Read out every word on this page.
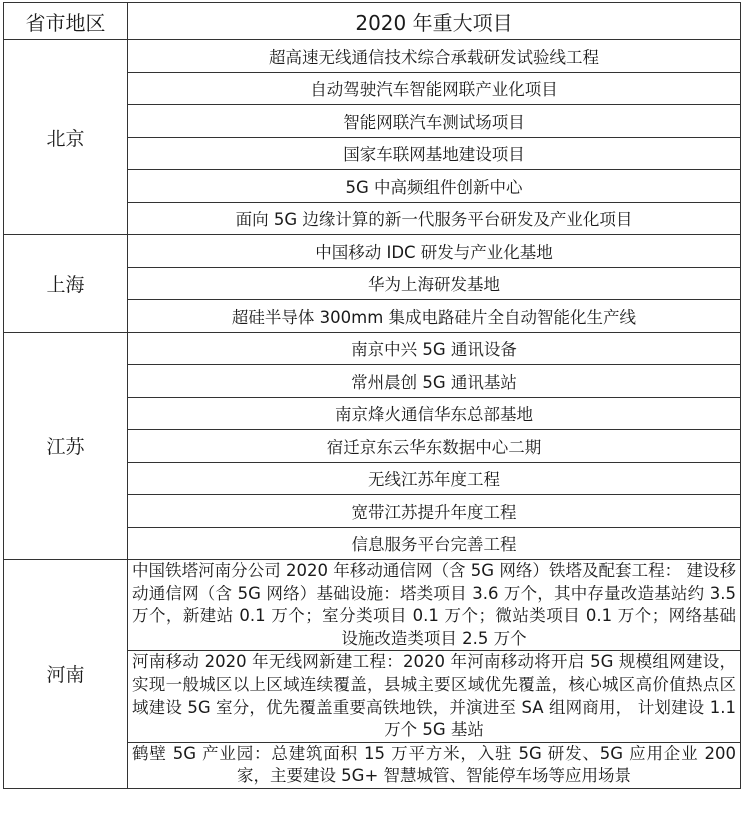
省市地区	2020 年重大项目
北京	超高速无线通信技术综合承载研发试验线工程
	自动驾驶汽车智能网联产业化项目
	智能网联汽车测试场项目
	国家车联网基地建设项目
	5G 中高频组件创新中心
	面向 5G 边缘计算的新一代服务平台研发及产业化项目
上海	中国移动 IDC 研发与产业化基地
	华为上海研发基地
	超硅半导体 300mm 集成电路硅片全自动智能化生产线
江苏	南京中兴 5G 通讯设备
	常州晨创 5G 通讯基站
	南京烽火通信华东总部基地
	宿迁京东云华东数据中心二期
	无线江苏年度工程
	宽带江苏提升年度工程
	信息服务平台完善工程
河南	中国铁塔河南分公司 2020 年移动通信网（含 5G 网络）铁塔及配套工程： 建设移动通信网（含 5G 网络）基础设施：塔类项目 3.6 万个，其中存量改造基站约 3.5 万个，新建站 0.1 万个；室分类项目 0.1 万个；微站类项目 0.1 万个；网络基础设施改造类项目 2.5 万个
	河南移动 2020 年无线网新建工程：2020 年河南移动将开启 5G 规模组网建设，实现一般城区以上区域连续覆盖，县城主要区域优先覆盖，核心城区高价值热点区域建设 5G 室分，优先覆盖重要高铁地铁，并演进至 SA 组网商用， 计划建设 1.1 万个 5G 基站
	鹤壁 5G 产业园：总建筑面积 15 万平方米，入驻 5G 研发、5G 应用企业 200 家，主要建设 5G+ 智慧城管、智能停车场等应用场景
